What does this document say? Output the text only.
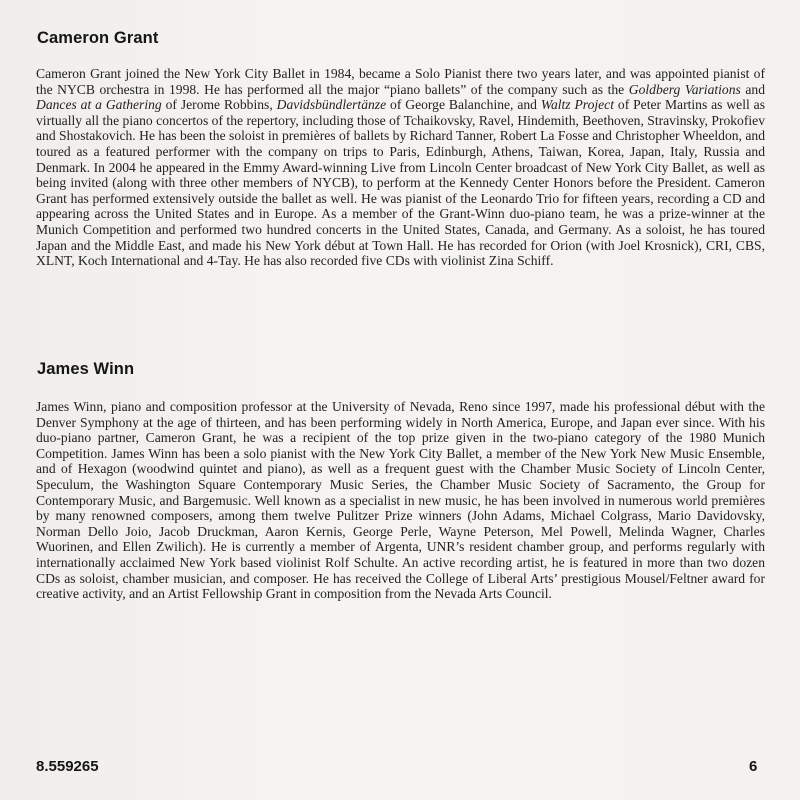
Cameron Grant

Cameron Grant joined the New York City Ballet in 1984, became a Solo Pianist there two years later, and was appointed pianist of the NYCB orchestra in 1998. He has performed all the major “piano ballets” of the company such as the Goldberg Variations and Dances at a Gathering of Jerome Robbins, Davidsbündlertänze of George Balanchine, and Waltz Project of Peter Martins as well as virtually all the piano concertos of the repertory, including those of Tchaikovsky, Ravel, Hindemith, Beethoven, Stravinsky, Prokofiev and Shostakovich. He has been the soloist in premières of ballets by Richard Tanner, Robert La Fosse and Christopher Wheeldon, and toured as a featured performer with the company on trips to Paris, Edinburgh, Athens, Taiwan, Korea, Japan, Italy, Russia and Denmark. In 2004 he appeared in the Emmy Award-winning Live from Lincoln Center broadcast of New York City Ballet, as well as being invited (along with three other members of NYCB), to perform at the Kennedy Center Honors before the President. Cameron Grant has performed extensively outside the ballet as well. He was pianist of the Leonardo Trio for fifteen years, recording a CD and appearing across the United States and in Europe. As a member of the Grant-Winn duo-piano team, he was a prize-winner at the Munich Competition and performed two hundred concerts in the United States, Canada, and Germany. As a soloist, he has toured Japan and the Middle East, and made his New York début at Town Hall. He has recorded for Orion (with Joel Krosnick), CRI, CBS, XLNT, Koch International and 4-Tay. He has also recorded five CDs with violinist Zina Schiff.

James Winn

James Winn, piano and composition professor at the University of Nevada, Reno since 1997, made his professional début with the Denver Symphony at the age of thirteen, and has been performing widely in North America, Europe, and Japan ever since. With his duo-piano partner, Cameron Grant, he was a recipient of the top prize given in the two-piano category of the 1980 Munich Competition. James Winn has been a solo pianist with the New York City Ballet, a member of the New York New Music Ensemble, and of Hexagon (woodwind quintet and piano), as well as a frequent guest with the Chamber Music Society of Lincoln Center, Speculum, the Washington Square Contemporary Music Series, the Chamber Music Society of Sacramento, the Group for Contemporary Music, and Bargemusic. Well known as a specialist in new music, he has been involved in numerous world premières by many renowned composers, among them twelve Pulitzer Prize winners (John Adams, Michael Colgrass, Mario Davidovsky, Norman Dello Joio, Jacob Druckman, Aaron Kernis, George Perle, Wayne Peterson, Mel Powell, Melinda Wagner, Charles Wuorinen, and Ellen Zwilich). He is currently a member of Argenta, UNR’s resident chamber group, and performs regularly with internationally acclaimed New York based violinist Rolf Schulte. An active recording artist, he is featured in more than two dozen CDs as soloist, chamber musician, and composer. He has received the College of Liberal Arts’ prestigious Mousel/Feltner award for creative activity, and an Artist Fellowship Grant in composition from the Nevada Arts Council.

8.559265	6
